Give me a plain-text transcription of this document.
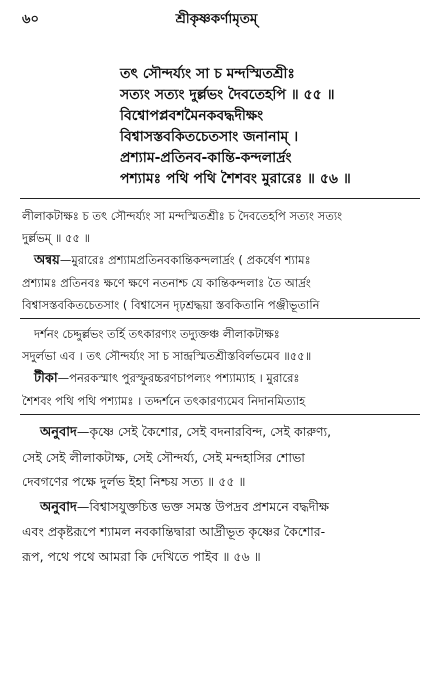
৬০	শ্রীকৃষ্ণকর্ণামৃতম্
তৎ সৌন্দর্য্যং সা চ মন্দস্মিতশ্রীঃ
সত্যং সত্যং দুর্ল্লভং দৈবতেহপি ॥ ৫৫ ॥
বিশ্বোপপ্লবশমৈনকবদ্ধদীক্ষং
বিশ্বাসস্তবকিতচেতসাং জনানাম্ ।
প্রশ্যাম-প্রতিনব-কান্তি-কন্দলার্দ্রং
পশ্যামঃ পথি পথি শৈশবং মুরারেঃ ॥ ৫৬ ॥
লীলাকটাক্ষঃ চ তৎ সৌন্দর্য্যং সা মন্দস্মিতশ্রীঃ চ দৈবতেহপি সত্যং সত্যং
দুর্ল্লভম্ ॥ ৫৫ ॥
অন্বয়—মুরারেঃ প্রশ্যামপ্রতিনবকান্তিকন্দলার্দ্রং ( প্রকর্ষেণ শ্যামঃ
প্রশ্যামঃ প্রতিনবঃ ক্ষণে ক্ষণে নতনাশ্চ যে কান্তিকন্দলাঃ তৈ আর্দ্রং
বিশ্বাসস্তবকিতচেতসাং ( বিশ্বাসেন দৃঢ়শ্রদ্ধয়া স্তবকিতানি পঞ্জীভূতানি
দর্শনং চেদ্দুর্ল্লভং তর্হি তৎকারণ্যং তদ্যুক্তঞ্চ লীলাকটাক্ষঃ
সদুর্লভা এব । তৎ সৌন্দর্য্যং সা চ সান্দ্রস্মিতশ্রীস্তবির্লভমেব ॥৫৫॥
টীকা—পনরকস্মাৎ পুরস্ফুরচ্চরণচাপল্যং পশ্যাম্যাহ । মুরারেঃ
শৈশবং পথি পথি পশ্যামঃ । তদ্দর্শনে তৎকারণ্যমেব নিদানমিত্যাহ
অনুবাদ—কৃষ্ণে সেই কৈশোর, সেই বদনারবিন্দ, সেই কারুণ্য,
সেই সেই লীলাকটাক্ষ, সেই সৌন্দর্য্য, সেই মন্দহাসির শোভা
দেবগণের পক্ষে দুর্লভ ইহা নিশ্চয় সত্য ॥ ৫৫ ॥
অনুবাদ—বিশ্বাসযুক্তচিত্ত ভক্ত সমস্ত উপদ্রব প্রশমনে বদ্ধদীক্ষ
এবং প্রকৃষ্টরূপে শ্যামল নবকান্তিদ্বারা আর্দ্রীভূত কৃষ্ণের কৈশোর-
রূপ, পথে পথে আমরা কি দেখিতে পাইব ॥ ৫৬ ॥
